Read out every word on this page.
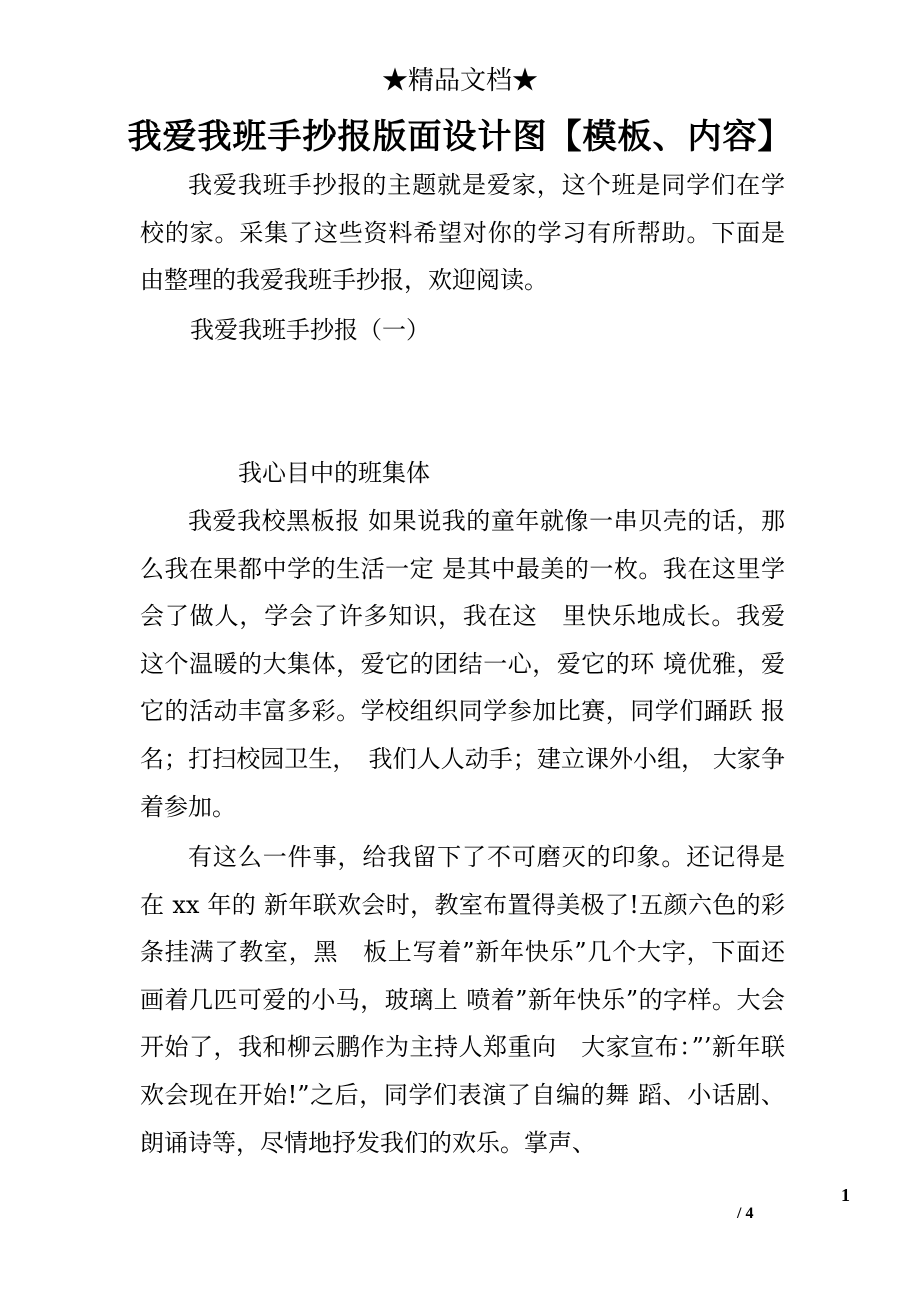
★精品文档★
我爱我班手抄报版面设计图【模板、内容】

我爱我班手抄报的主题就是爱家，这个班是同学们在学校的家。采集了这些资料希望对你的学习有所帮助。下面是由整理的我爱我班手抄报，欢迎阅读。

我爱我班手抄报（一）
我心目中的班集体

我爱我校黑板报 如果说我的童年就像一串贝壳的话，那么我在果都中学的生活一定 是其中最美的一枚。我在这里学会了做人，学会了许多知识，我在这　里快乐地成长。我爱这个温暖的大集体，爱它的团结一心，爱它的环 境优雅，爱它的活动丰富多彩。学校组织同学参加比赛，同学们踊跃 报名；打扫校园卫生，　我们人人动手；建立课外小组， 大家争着参加。

有这么一件事，给我留下了不可磨灭的印象。还记得是在 xx 年的 新年联欢会时，教室布置得美极了!五颜六色的彩条挂满了教室，黑　板上写着”新年快乐”几个大字，下面还画着几匹可爱的小马，玻璃上 喷着”新年快乐”的字样。大会开始了，我和柳云鹏作为主持人郑重向　大家宣布：”’新年联欢会现在开始!”之后，同学们表演了自编的舞 蹈、小话剧、朗诵诗等，尽情地抒发我们的欢乐。掌声、

1
/ 4
